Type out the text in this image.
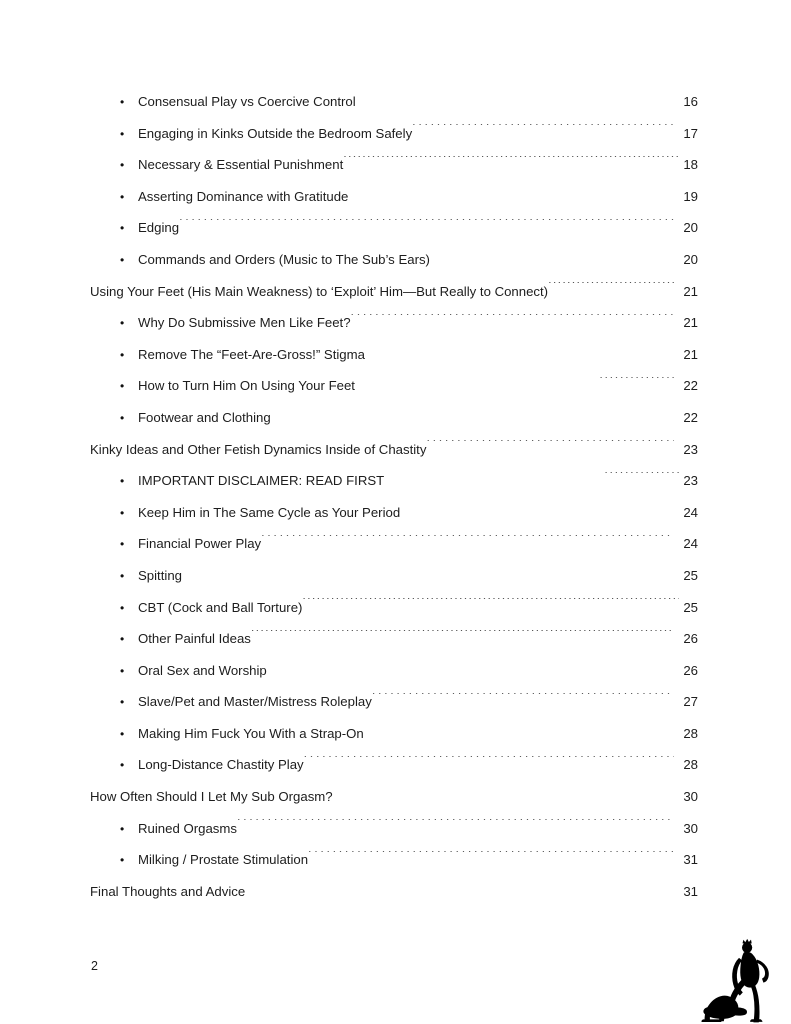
•
Consensual Play vs Coercive Control . . .	16
•
Engaging in Kinks Outside the Bedroom Safely . . .	17
•
Necessary & Essential Punishment . . .	18
•
Asserting Dominance with Gratitude . . .	19
•
Edging . . .	20
•
Commands and Orders (Music to The Sub’s Ears) . . .	20
Using Your Feet (His Main Weakness) to ‘Exploit’ Him—But Really to Connect) . . .	21
•
Why Do Submissive Men Like Feet? . . .	21
•
Remove The “Feet-Are-Gross!” Stigma . . .	21
•
How to Turn Him On Using Your Feet . . . . . .	22
•
Footwear and Clothing . . .	22
Kinky Ideas and Other Fetish Dynamics Inside of Chastity . . .	23
•
IMPORTANT DISCLAIMER: READ FIRST . . . . . .	23
•
Keep Him in The Same Cycle as Your Period . . .	24
•
Financial Power Play . . .	24
•
Spitting . . .	25
•
CBT (Cock and Ball Torture) . . .	25
•
Other Painful Ideas . . .	26
•
Oral Sex and Worship . . .	26
•
Slave/Pet and Master/Mistress Roleplay . . .	27
•
Making Him Fuck You With a Strap-On . . .	28
•
Long-Distance Chastity Play . . .	28
How Often Should I Let My Sub Orgasm? . . .	30
•
Ruined Orgasms . . .	30
•
Milking / Prostate Stimulation . . .	31
Final Thoughts and Advice . . .	31
2
